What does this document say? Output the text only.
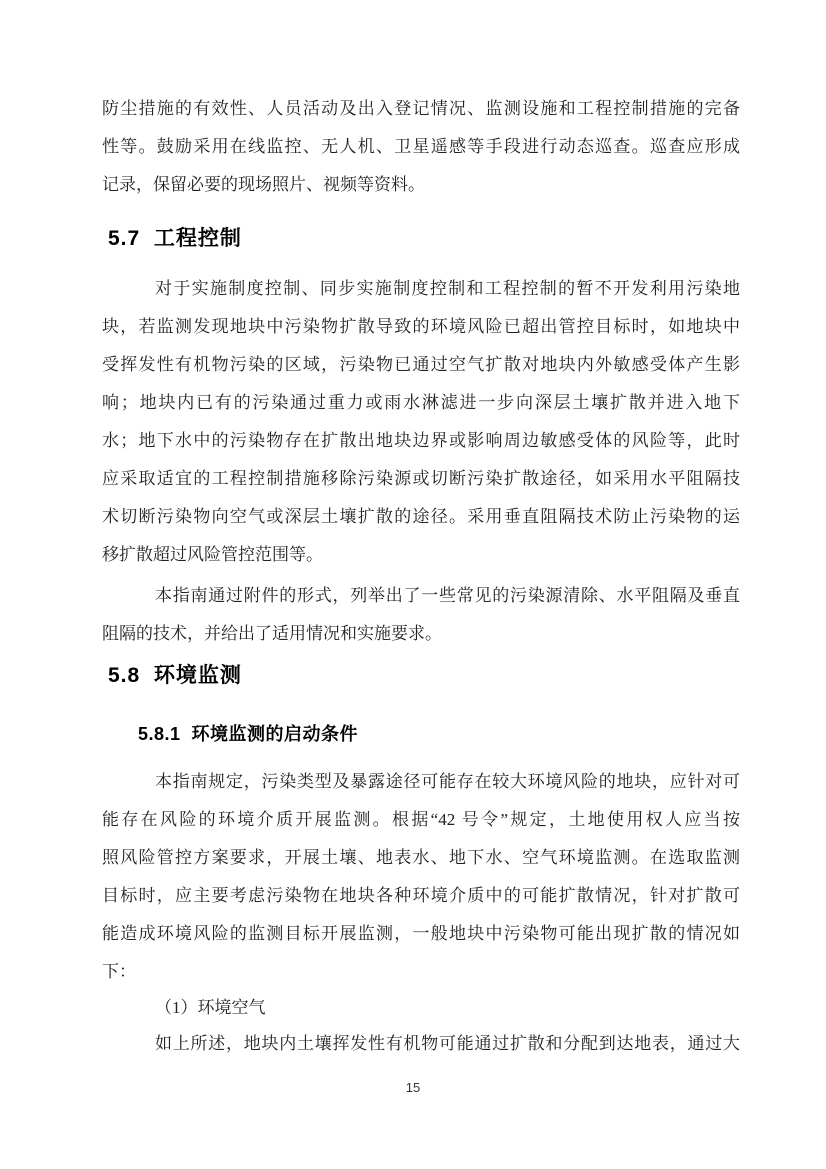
防尘措施的有效性、人员活动及出入登记情况、监测设施和工程控制措施的完备
性等。鼓励采用在线监控、无人机、卫星遥感等手段进行动态巡查。巡查应形成
记录，保留必要的现场照片、视频等资料。
5.7  工程控制
对于实施制度控制、同步实施制度控制和工程控制的暂不开发利用污染地
块，若监测发现地块中污染物扩散导致的环境风险已超出管控目标时，如地块中
受挥发性有机物污染的区域，污染物已通过空气扩散对地块内外敏感受体产生影
响；地块内已有的污染通过重力或雨水淋滤进一步向深层土壤扩散并进入地下
水；地下水中的污染物存在扩散出地块边界或影响周边敏感受体的风险等，此时
应采取适宜的工程控制措施移除污染源或切断污染扩散途径，如采用水平阻隔技
术切断污染物向空气或深层土壤扩散的途径。采用垂直阻隔技术防止污染物的运
移扩散超过风险管控范围等。
本指南通过附件的形式，列举出了一些常见的污染源清除、水平阻隔及垂直
阻隔的技术，并给出了适用情况和实施要求。
5.8  环境监测
5.8.1  环境监测的启动条件
本指南规定，污染类型及暴露途径可能存在较大环境风险的地块，应针对可
能存在风险的环境介质开展监测。根据“42 号令”规定，土地使用权人应当按
照风险管控方案要求，开展土壤、地表水、地下水、空气环境监测。在选取监测
目标时，应主要考虑污染物在地块各种环境介质中的可能扩散情况，针对扩散可
能造成环境风险的监测目标开展监测，一般地块中污染物可能出现扩散的情况如
下：
（1）环境空气
如上所述，地块内土壤挥发性有机物可能通过扩散和分配到达地表，通过大
15
